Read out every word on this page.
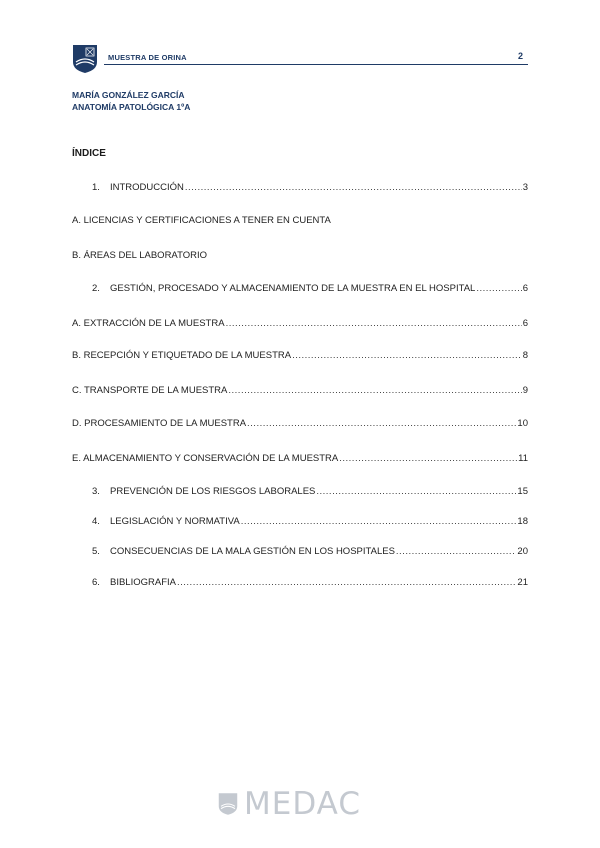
MUESTRA DE ORINA	2
MARÍA GONZÁLEZ GARCÍA
ANATOMÍA PATOLÓGICA 1ºA
ÍNDICE
1.	INTRODUCCIÓN .....	3
A. LICENCIAS Y CERTIFICACIONES A TENER EN CUENTA
B. ÁREAS DEL LABORATORIO
2.	GESTIÓN, PROCESADO Y ALMACENAMIENTO DE LA MUESTRA EN EL HOSPITAL .....	6
A. EXTRACCIÓN DE LA MUESTRA .....	6
B. RECEPCIÓN Y ETIQUETADO DE LA MUESTRA .....	8
C. TRANSPORTE DE LA MUESTRA .....	9
D. PROCESAMIENTO DE LA MUESTRA .....	10
E. ALMACENAMIENTO Y CONSERVACIÓN DE LA MUESTRA .....	11
3.	PREVENCIÓN DE LOS RIESGOS LABORALES .....	15
4.	LEGISLACIÓN Y NORMATIVA .....	18
5.	CONSECUENCIAS DE LA MALA GESTIÓN EN LOS HOSPITALES .....	20
6.	BIBLIOGRAFIA .....	21
MEDAC
